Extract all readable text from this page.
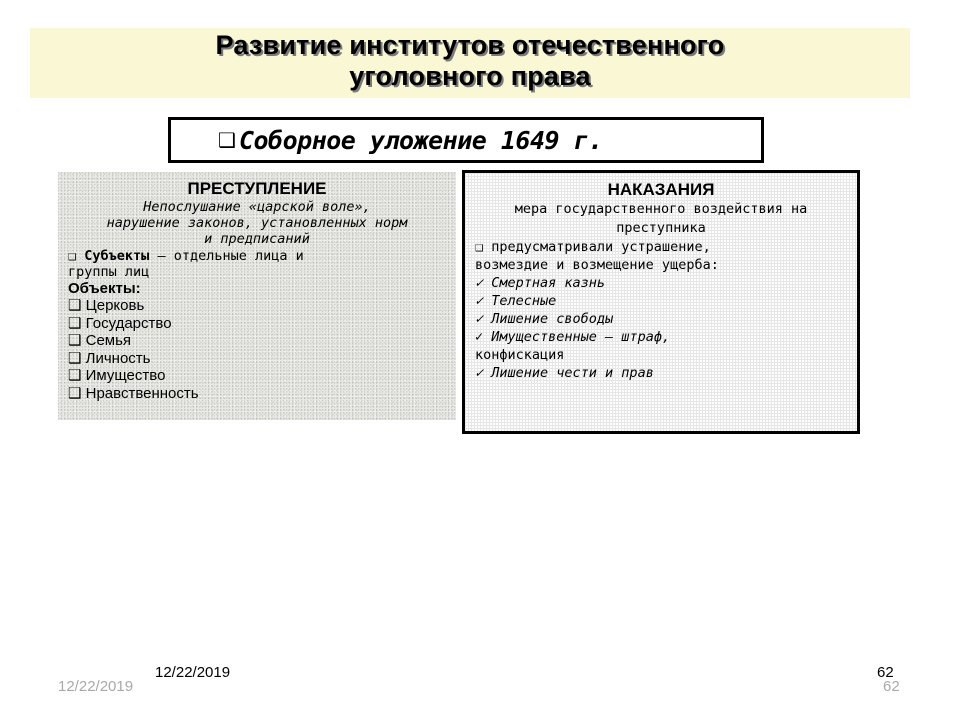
Развитие институтов отечественного
уголовного права
❑ Соборное уложение 1649 г.
ПРЕСТУПЛЕНИЕ
Непослушание «царской воле»,
нарушение законов, установленных норм
и предписаний
❑ Субъекты – отдельные лица и
группы лиц
Объекты:
❑ Церковь
❑ Государство
❑ Семья
❑ Личность
❑ Имущество
❑ Нравственность
НАКАЗАНИЯ
мера государственного воздействия на
преступника
❑ предусматривали устрашение,
возмездие и возмещение ущерба:
✓ Смертная казнь
✓ Телесные
✓ Лишение свободы
✓ Имущественные — штраф,
конфискация
✓ Лишение чести и прав
12/22/2019
12/22/2019
62
62
